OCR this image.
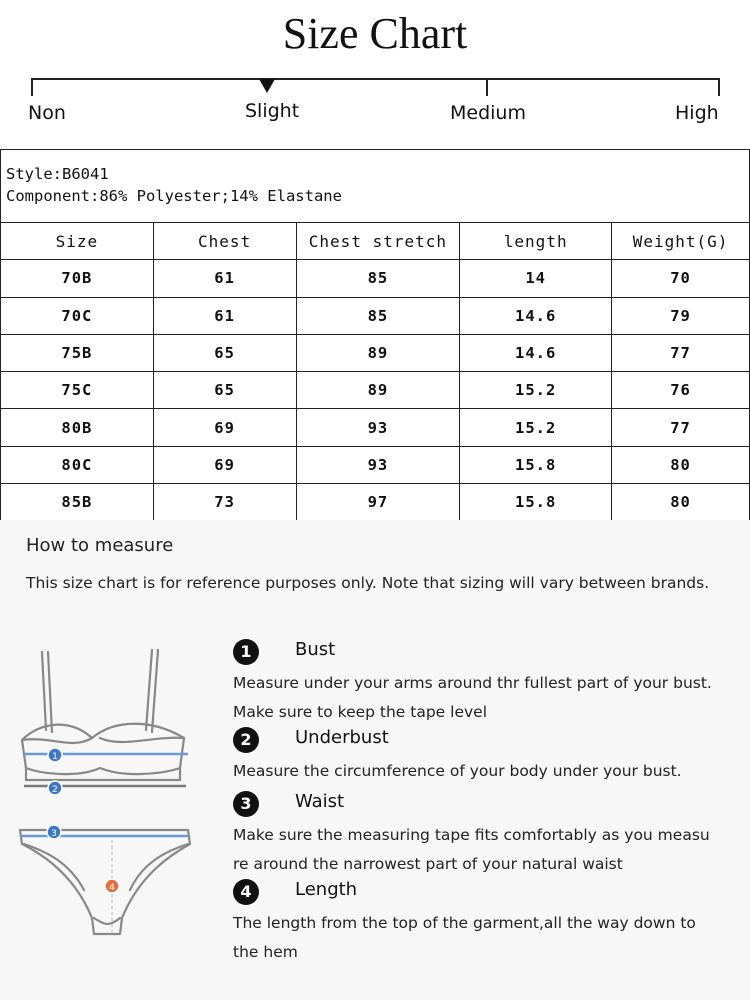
Size Chart
Non	Slight	Medium	High
Style:B6041
Component:86% Polyester;14% Elastane
Size	Chest	Chest stretch	length	Weight(G)
70B	61	85	14	70
70C	61	85	14.6	79
75B	65	89	14.6	77
75C	65	89	15.2	76
80B	69	93	15.2	77
80C	69	93	15.8	80
85B	73	97	15.8	80
How to measure
This size chart is for reference purposes only. Note that sizing will vary between brands.
1
2
3
4
1	Bust
Measure under your arms around thr fullest part of your bust.
Make sure to keep the tape level
2	Underbust
Measure the circumference of your body under your bust.
3	Waist
Make sure the measuring tape fits comfortably as you measu
re around the narrowest part of your natural waist
4	Length
The length from the top of the garment,all the way down to
the hem
